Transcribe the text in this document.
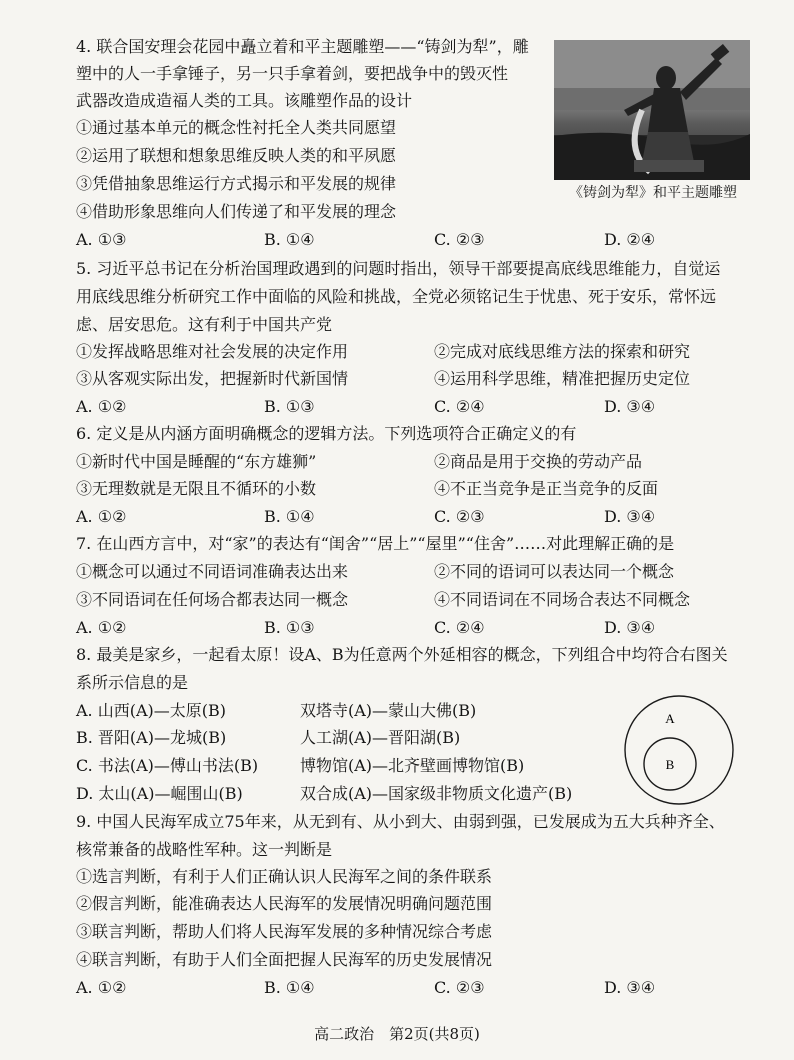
4. 联合国安理会花园中矗立着和平主题雕塑——“铸剑为犁”，雕
塑中的人一手拿锤子，另一只手拿着剑，要把战争中的毁灭性
武器改造成造福人类的工具。该雕塑作品的设计
①通过基本单元的概念性衬托全人类共同愿望
②运用了联想和想象思维反映人类的和平夙愿
③凭借抽象思维运行方式揭示和平发展的规律
④借助形象思维向人们传递了和平发展的理念
A. ①③	B. ①④	C. ②③	D. ②④
《铸剑为犁》和平主题雕塑
5. 习近平总书记在分析治国理政遇到的问题时指出，领导干部要提高底线思维能力，自觉运
用底线思维分析研究工作中面临的风险和挑战，全党必须铭记生于忧患、死于安乐，常怀远
虑、居安思危。这有利于中国共产党
①发挥战略思维对社会发展的决定作用	②完成对底线思维方法的探索和研究
③从客观实际出发，把握新时代新国情	④运用科学思维，精准把握历史定位
A. ①②	B. ①③	C. ②④	D. ③④
6. 定义是从内涵方面明确概念的逻辑方法。下列选项符合正确定义的有
①新时代中国是睡醒的“东方雄狮”	②商品是用于交换的劳动产品
③无理数就是无限且不循环的小数	④不正当竞争是正当竞争的反面
A. ①②	B. ①④	C. ②③	D. ③④
7. 在山西方言中，对“家”的表达有“闺舍”“居上”“屋里”“住舍”……对此理解正确的是
①概念可以通过不同语词准确表达出来	②不同的语词可以表达同一个概念
③不同语词在任何场合都表达同一概念	④不同语词在不同场合表达不同概念
A. ①②	B. ①③	C. ②④	D. ③④
8. 最美是家乡，一起看太原！设A、B为任意两个外延相容的概念，下列组合中均符合右图关
系所示信息的是
A. 山西(A)—太原(B)	双塔寺(A)—蒙山大佛(B)
B. 晋阳(A)—龙城(B)	人工湖(A)—晋阳湖(B)
C. 书法(A)—傅山书法(B)	博物馆(A)—北齐壁画博物馆(B)
D. 太山(A)—崛围山(B)	双合成(A)—国家级非物质文化遗产(B)
A
B
9. 中国人民海军成立75年来，从无到有、从小到大、由弱到强，已发展成为五大兵种齐全、
核常兼备的战略性军种。这一判断是
①选言判断，有利于人们正确认识人民海军之间的条件联系
②假言判断，能准确表达人民海军的发展情况明确问题范围
③联言判断，帮助人们将人民海军发展的多种情况综合考虑
④联言判断，有助于人们全面把握人民海军的历史发展情况
A. ①②	B. ①④	C. ②③	D. ③④
高二政治　第2页(共8页)
